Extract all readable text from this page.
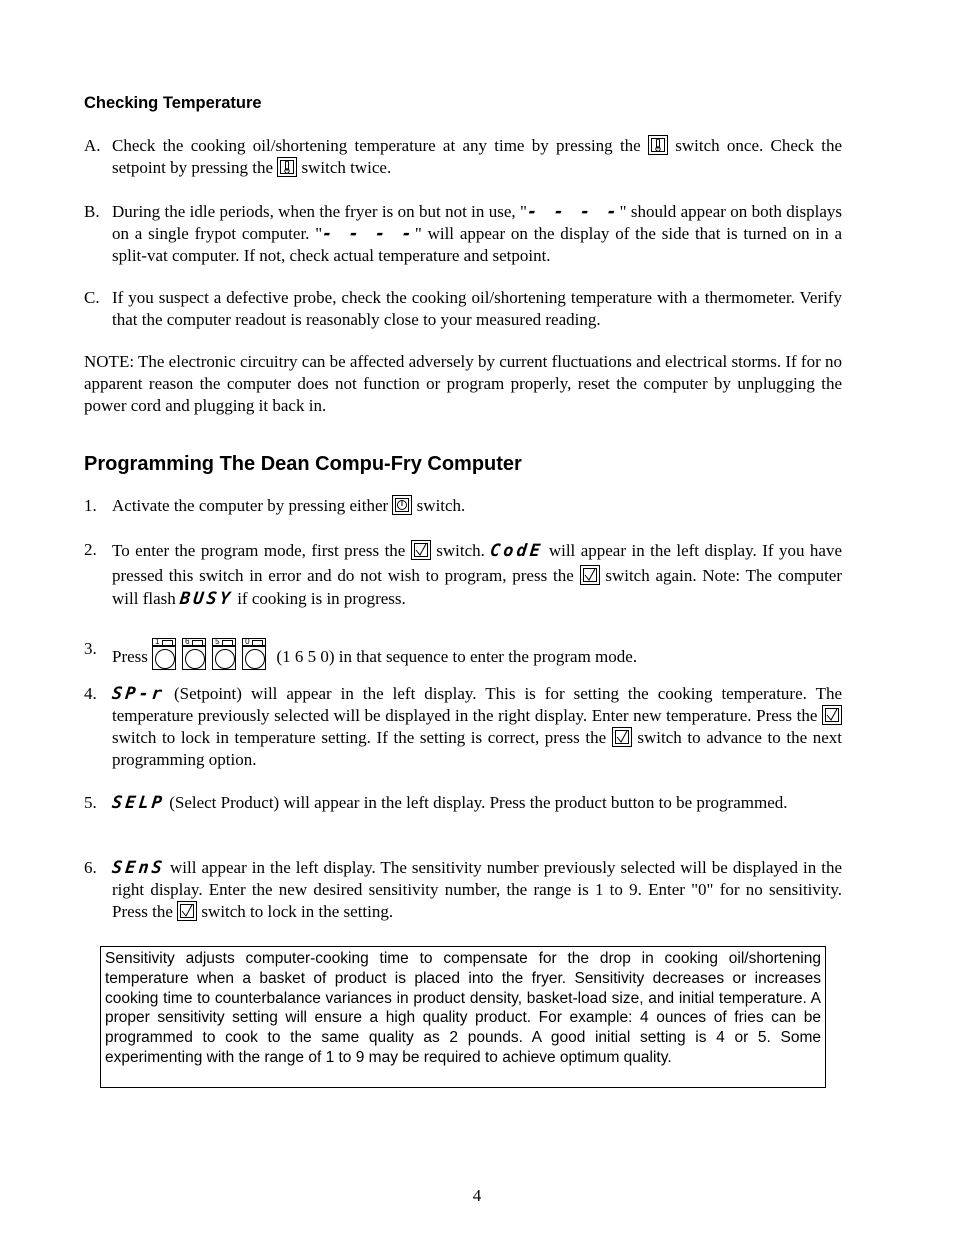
Checking Temperature
A. Check the cooking oil/shortening temperature at any time by pressing the switch once. Check the setpoint by pressing the switch twice.
B. During the idle periods, when the fryer is on but not in use, "- - - -" should appear on both displays on a single frypot computer. "- - - -" will appear on the display of the side that is turned on in a split-vat computer. If not, check actual temperature and setpoint.
C. If you suspect a defective probe, check the cooking oil/shortening temperature with a thermometer. Verify that the computer readout is reasonably close to your measured reading.
NOTE: The electronic circuitry can be affected adversely by current fluctuations and electrical storms. If for no apparent reason the computer does not function or program properly, reset the computer by unplugging the power cord and plugging it back in.
Programming The Dean Compu-Fry Computer
1. Activate the computer by pressing either switch.
2. To enter the program mode, first press the switch. CodE will appear in the left display. If you have pressed this switch in error and do not wish to program, press the switch again. Note: The computer will flash BUSY if cooking is in progress.
3. Press
1	6	5	0
(1 6 5 0) in that sequence to enter the program mode.
4. SP-r (Setpoint) will appear in the left display. This is for setting the cooking temperature. The temperature previously selected will be displayed in the right display. Enter new temperature. Press the
switch to lock in temperature setting. If the setting is correct, press the switch to advance to the next programming option.
5. SELP (Select Product) will appear in the left display. Press the product button to be programmed.
6. SEnS will appear in the left display. The sensitivity number previously selected will be displayed in the right display. Enter the new desired sensitivity number, the range is 1 to 9. Enter "0" for no sensitivity. Press the switch to lock in the setting.
Sensitivity adjusts computer-cooking time to compensate for the drop in cooking oil/shortening temperature when a basket of product is placed into the fryer. Sensitivity decreases or increases cooking time to counterbalance variances in product density, basket-load size, and initial temperature. A proper sensitivity setting will ensure a high quality product. For example: 4 ounces of fries can be programmed to cook to the same quality as 2 pounds. A good initial setting is 4 or 5. Some experimenting with the range of 1 to 9 may be required to achieve optimum quality.
4
